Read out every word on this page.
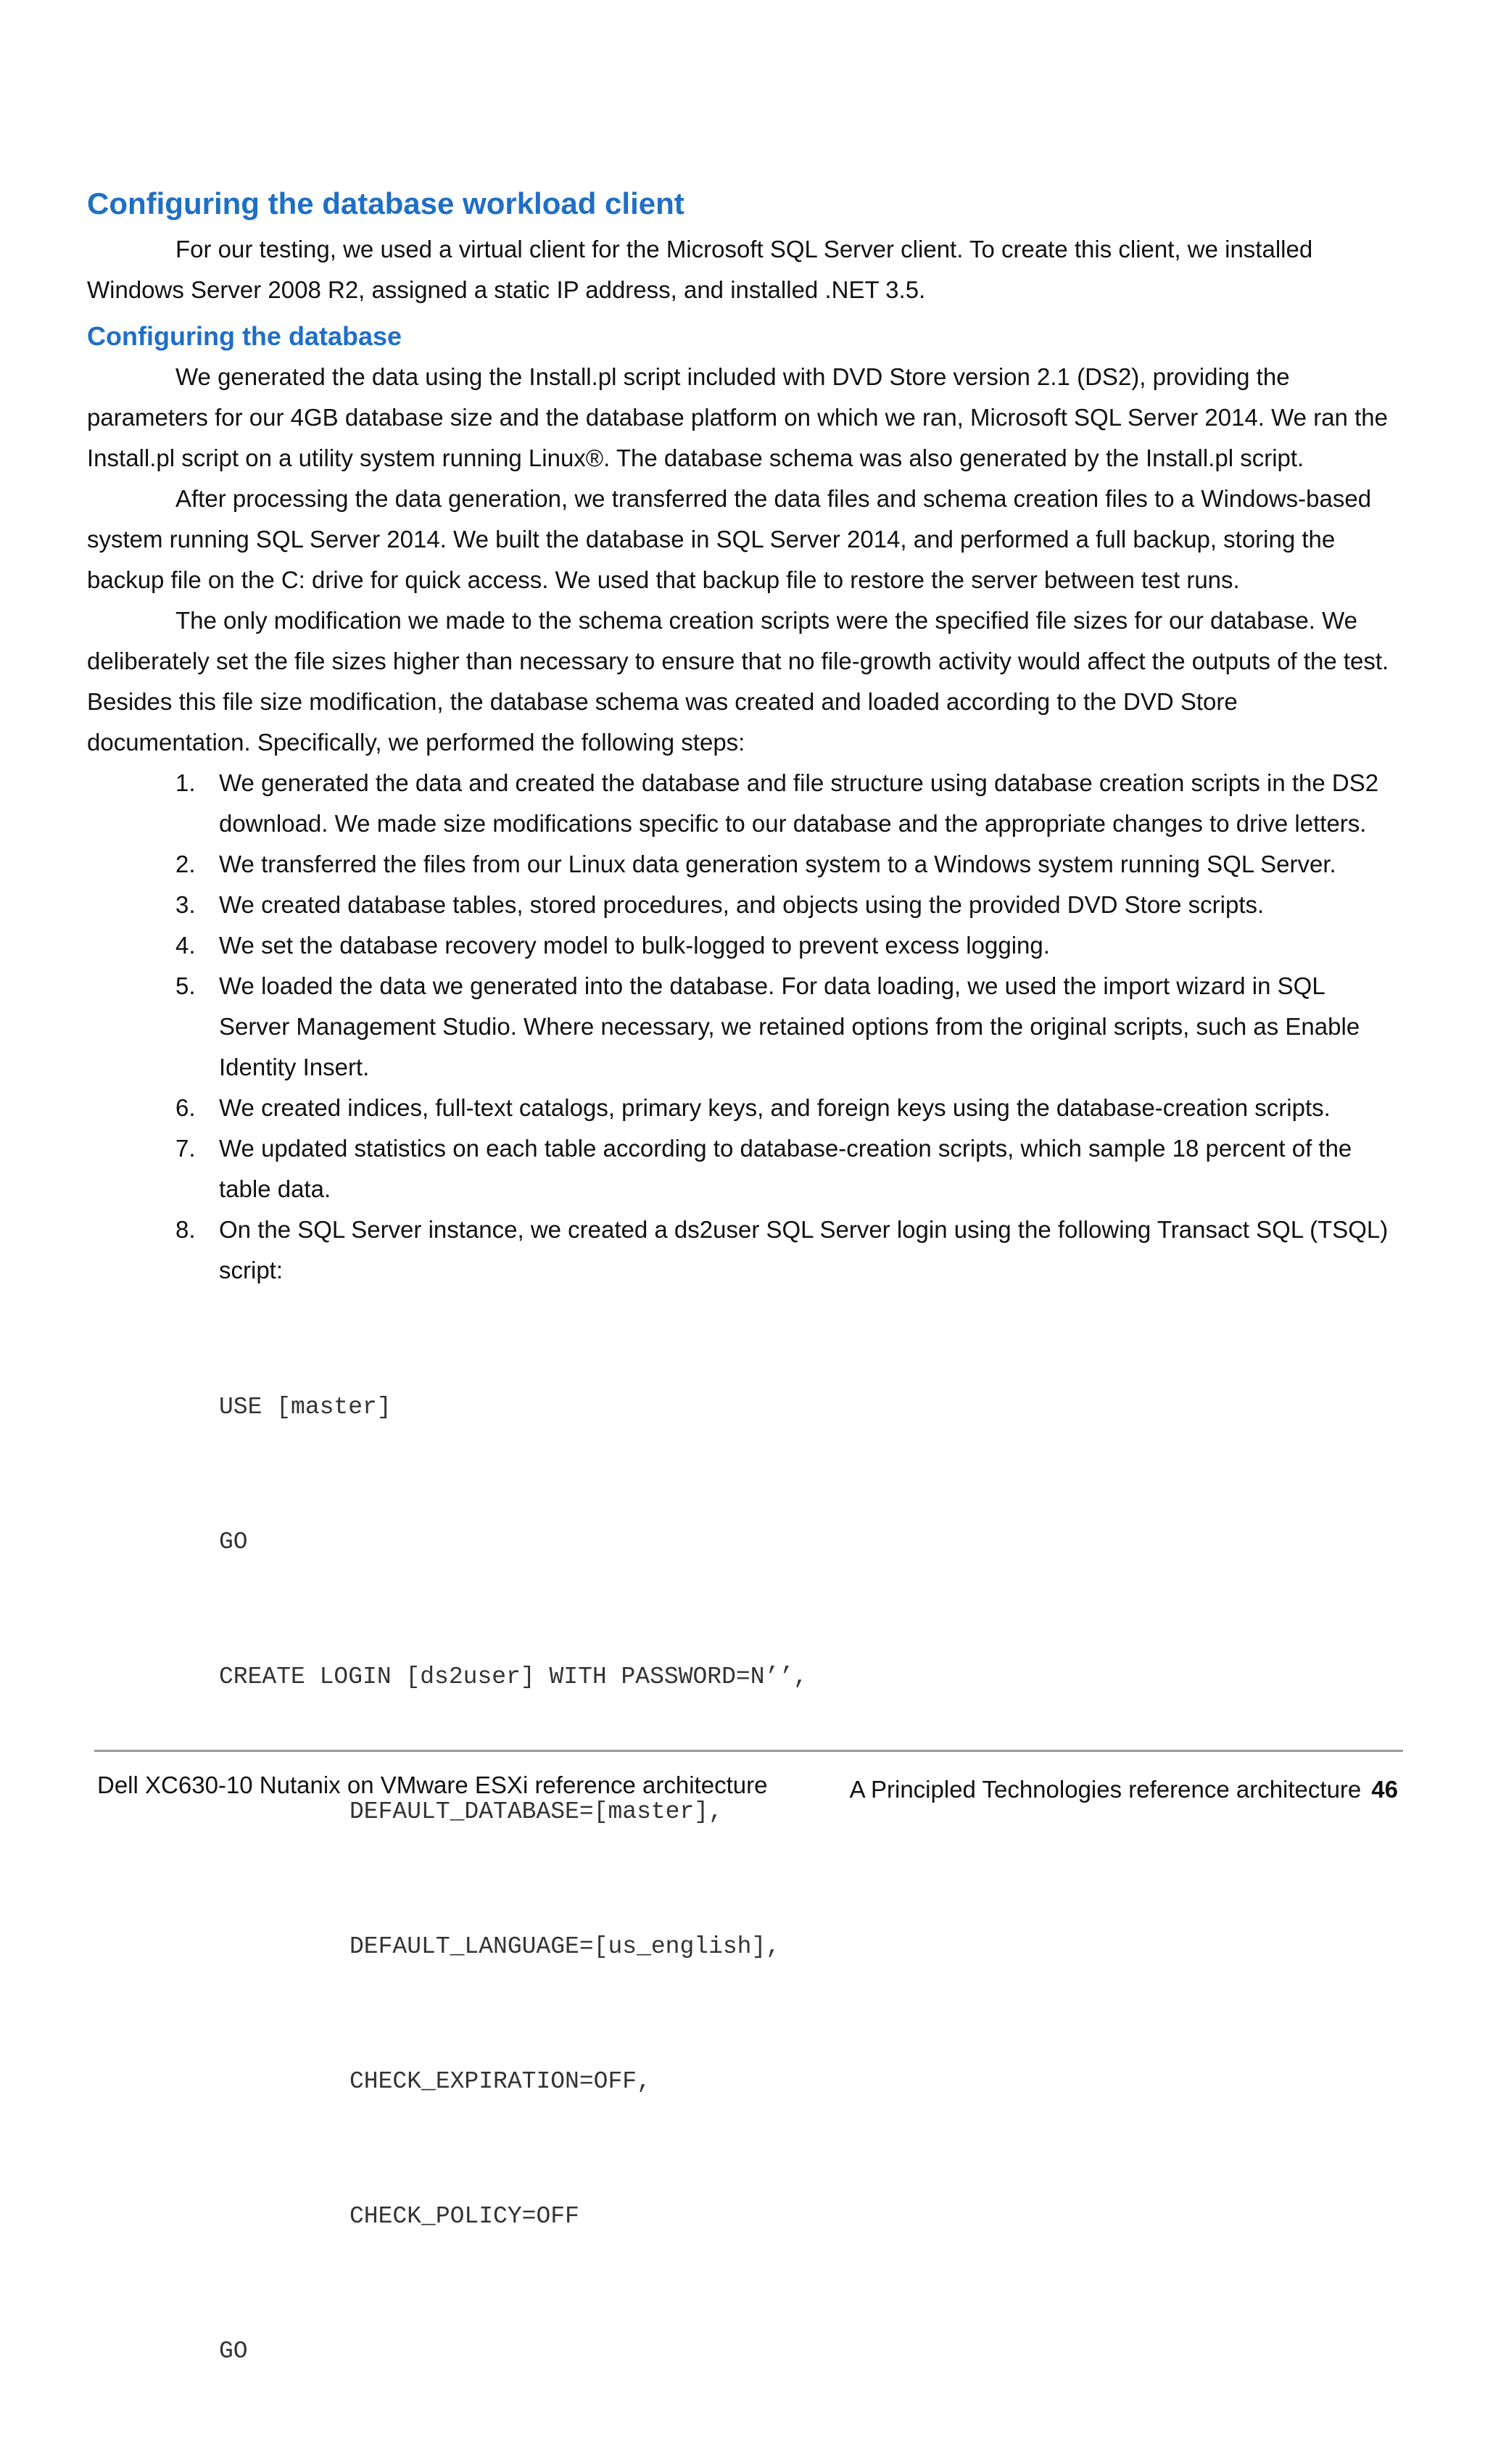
Configuring the database workload client

For our testing, we used a virtual client for the Microsoft SQL Server client. To create this client, we installed Windows Server 2008 R2, assigned a static IP address, and installed .NET 3.5.

Configuring the database

We generated the data using the Install.pl script included with DVD Store version 2.1 (DS2), providing the parameters for our 4GB database size and the database platform on which we ran, Microsoft SQL Server 2014. We ran the Install.pl script on a utility system running Linux®. The database schema was also generated by the Install.pl script.

After processing the data generation, we transferred the data files and schema creation files to a Windows-based system running SQL Server 2014. We built the database in SQL Server 2014, and performed a full backup, storing the backup file on the C: drive for quick access. We used that backup file to restore the server between test runs.

The only modification we made to the schema creation scripts were the specified file sizes for our database. We deliberately set the file sizes higher than necessary to ensure that no file-growth activity would affect the outputs of the test. Besides this file size modification, the database schema was created and loaded according to the DVD Store documentation. Specifically, we performed the following steps:

1. We generated the data and created the database and file structure using database creation scripts in the DS2 download. We made size modifications specific to our database and the appropriate changes to drive letters.
2. We transferred the files from our Linux data generation system to a Windows system running SQL Server.
3. We created database tables, stored procedures, and objects using the provided DVD Store scripts.
4. We set the database recovery model to bulk-logged to prevent excess logging.
5. We loaded the data we generated into the database. For data loading, we used the import wizard in SQL Server Management Studio. Where necessary, we retained options from the original scripts, such as Enable Identity Insert.
6. We created indices, full-text catalogs, primary keys, and foreign keys using the database-creation scripts.
7. We updated statistics on each table according to database-creation scripts, which sample 18 percent of the table data.
8. On the SQL Server instance, we created a ds2user SQL Server login using the following Transact SQL (TSQL) script:

USE [master]

GO

CREATE LOGIN [ds2user] WITH PASSWORD=N’’,

DEFAULT_DATABASE=[master],

DEFAULT_LANGUAGE=[us_english],

CHECK_EXPIRATION=OFF,

CHECK_POLICY=OFF

GO

Dell XC630-10 Nutanix on VMware ESXi reference architecture	A Principled Technologies reference architecture 46
